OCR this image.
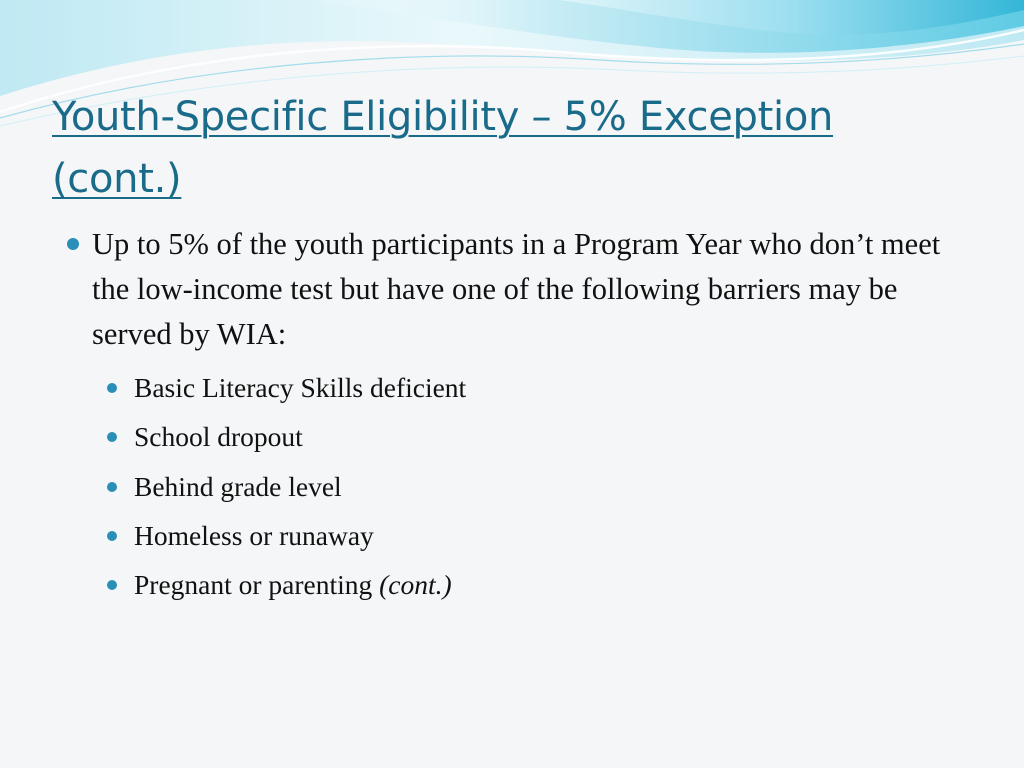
Youth-Specific Eligibility – 5% Exception (cont.)
Up to 5% of the youth participants in a Program Year who don’t meet the low-income test but have one of the following barriers may be served by WIA:
Basic Literacy Skills deficient
School dropout
Behind grade level
Homeless or runaway
Pregnant or parenting (cont.)
